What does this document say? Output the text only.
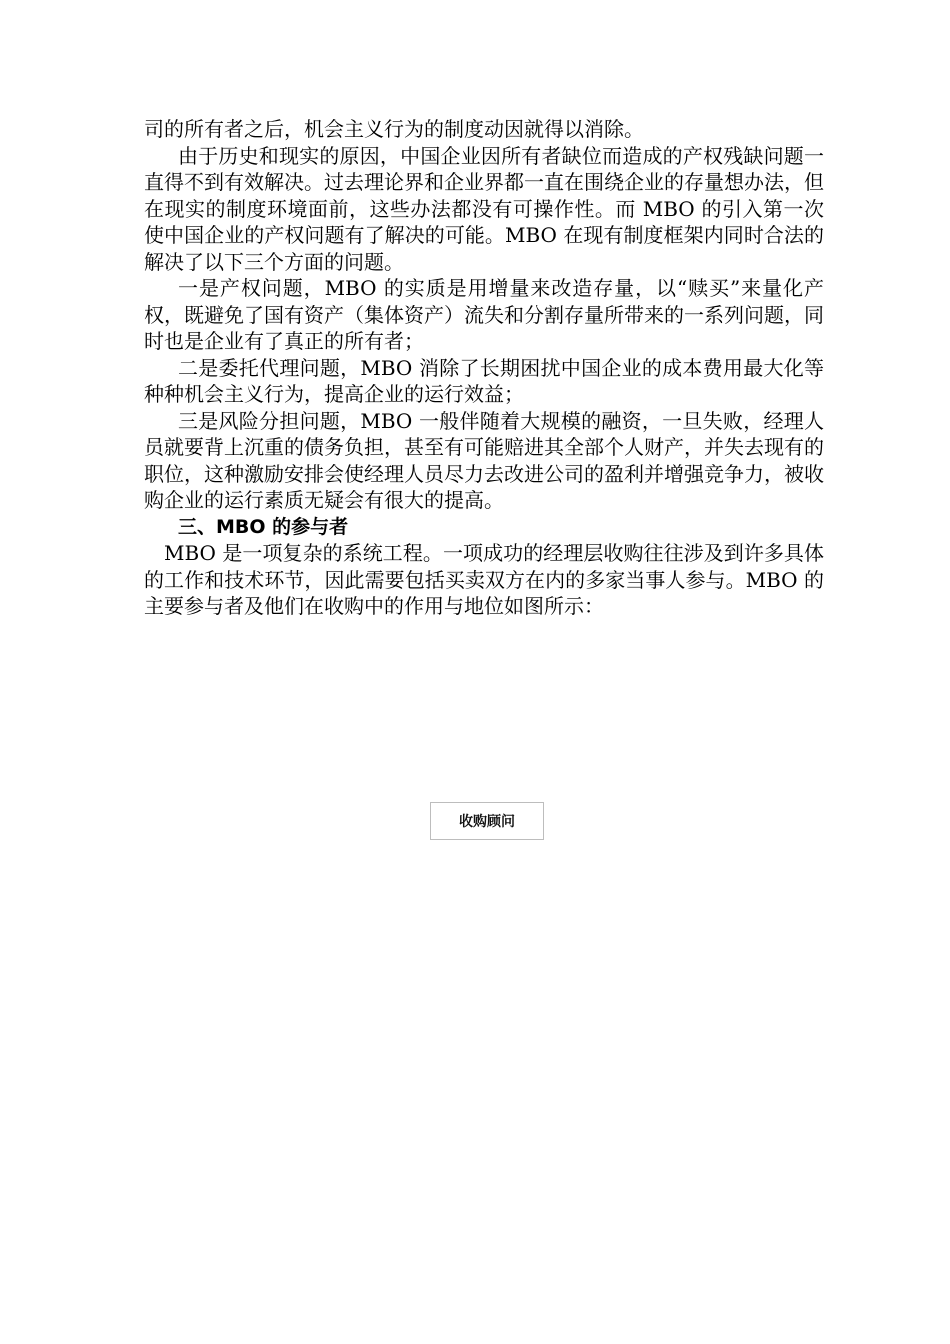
司的所有者之后，机会主义行为的制度动因就得以消除。

由于历史和现实的原因，中国企业因所有者缺位而造成的产权残缺问题一直得不到有效解决。过去理论界和企业界都一直在围绕企业的存量想办法，但在现实的制度环境面前，这些办法都没有可操作性。而 MBO 的引入第一次使中国企业的产权问题有了解决的可能。MBO 在现有制度框架内同时合法的解决了以下三个方面的问题。

一是产权问题，MBO 的实质是用增量来改造存量，以“赎买”来量化产权，既避免了国有资产（集体资产）流失和分割存量所带来的一系列问题，同时也是企业有了真正的所有者；

二是委托代理问题，MBO 消除了长期困扰中国企业的成本费用最大化等种种机会主义行为，提高企业的运行效益；

三是风险分担问题，MBO 一般伴随着大规模的融资，一旦失败，经理人员就要背上沉重的债务负担，甚至有可能赔进其全部个人财产，并失去现有的职位，这种激励安排会使经理人员尽力去改进公司的盈利并增强竞争力，被收购企业的运行素质无疑会有很大的提高。

三、MBO 的参与者

MBO 是一项复杂的系统工程。一项成功的经理层收购往往涉及到许多具体的工作和技术环节，因此需要包括买卖双方在内的多家当事人参与。MBO 的主要参与者及他们在收购中的作用与地位如图所示：

收购顾问
